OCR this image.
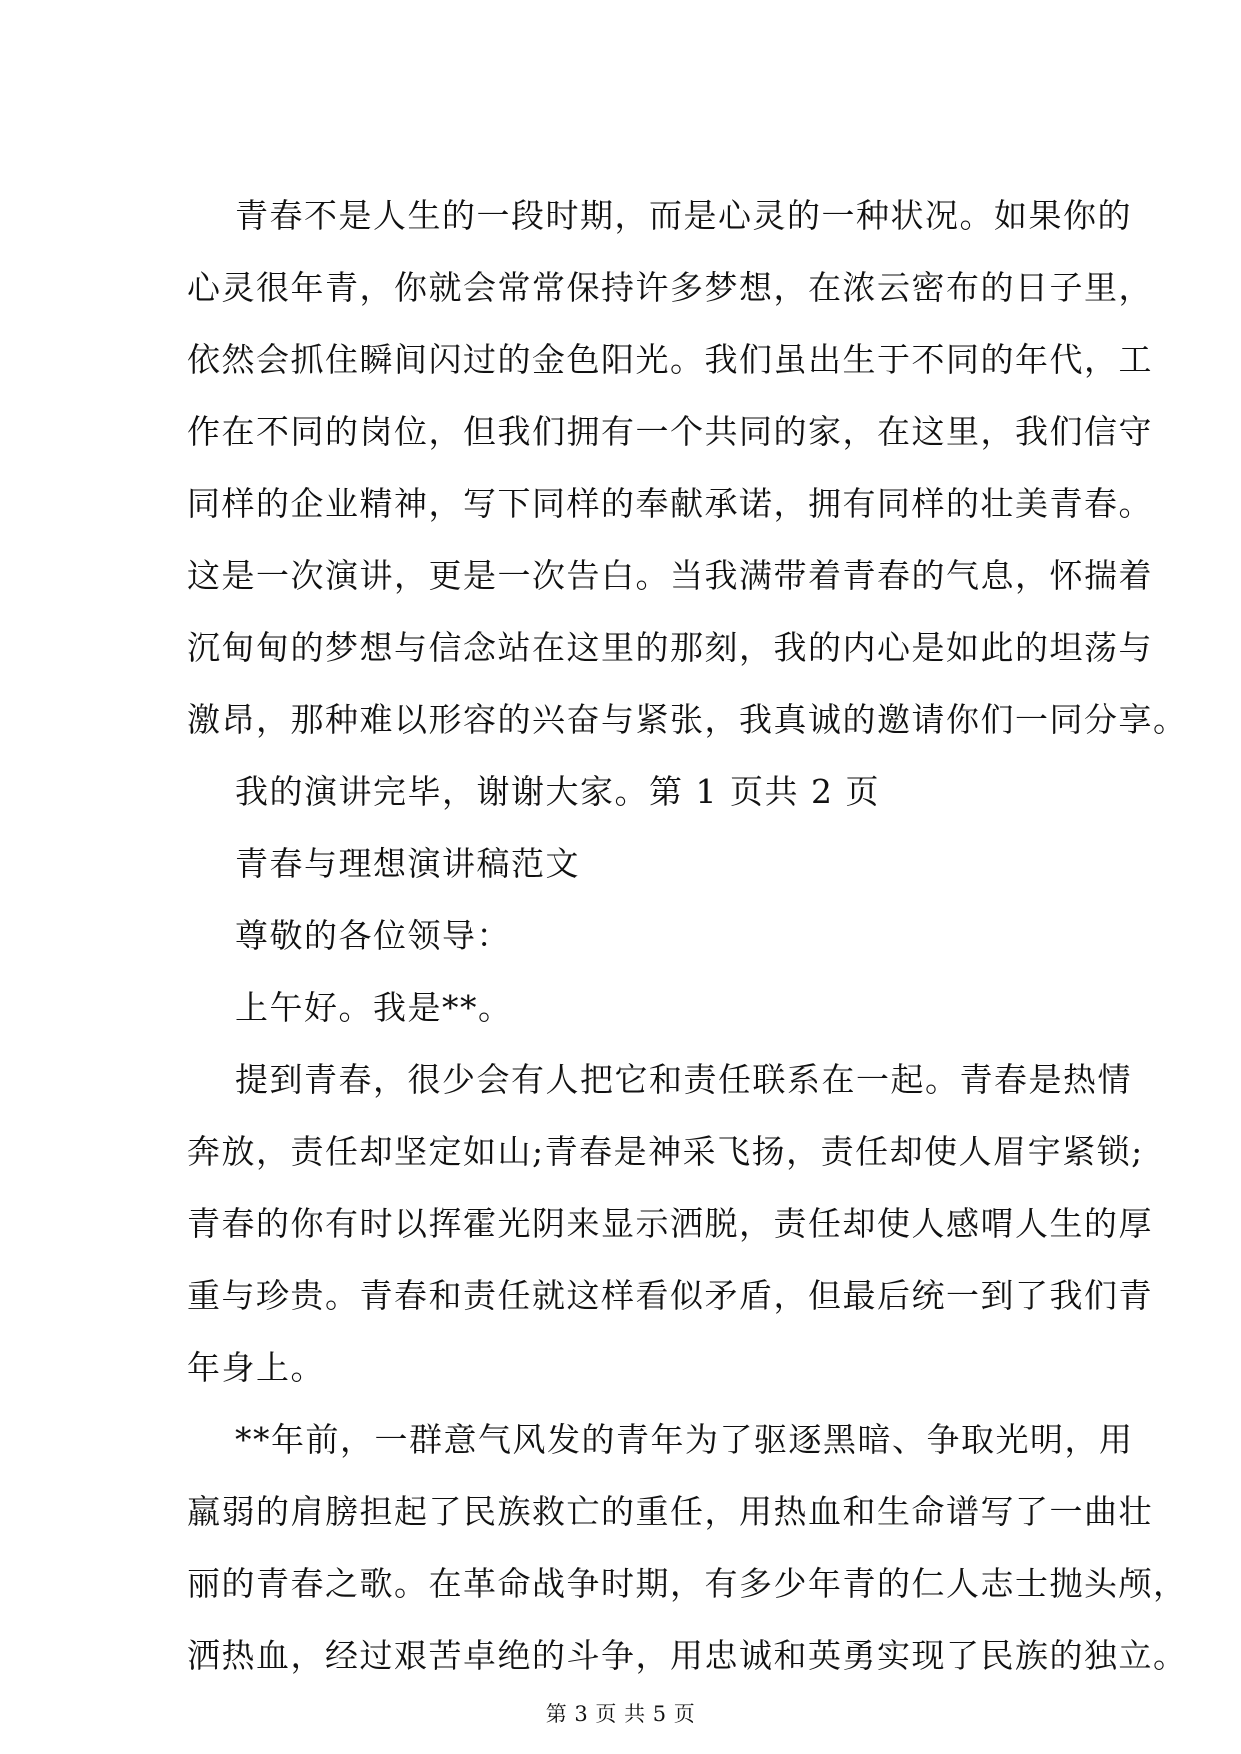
青春不是人生的一段时期，而是心灵的一种状况。如果你的
心灵很年青，你就会常常保持许多梦想，在浓云密布的日子里，
依然会抓住瞬间闪过的金色阳光。我们虽出生于不同的年代，工
作在不同的岗位，但我们拥有一个共同的家，在这里，我们信守
同样的企业精神，写下同样的奉献承诺，拥有同样的壮美青春。
这是一次演讲，更是一次告白。当我满带着青春的气息，怀揣着
沉甸甸的梦想与信念站在这里的那刻，我的内心是如此的坦荡与
激昂，那种难以形容的兴奋与紧张，我真诚的邀请你们一同分享。
我的演讲完毕，谢谢大家。第 1 页共 2 页
青春与理想演讲稿范文
尊敬的各位领导：
上午好。我是**。
提到青春，很少会有人把它和责任联系在一起。青春是热情
奔放，责任却坚定如山;青春是神采飞扬，责任却使人眉宇紧锁;
青春的你有时以挥霍光阴来显示洒脱，责任却使人感喟人生的厚
重与珍贵。青春和责任就这样看似矛盾，但最后统一到了我们青
年身上。
**年前，一群意气风发的青年为了驱逐黑暗、争取光明，用
羸弱的肩膀担起了民族救亡的重任，用热血和生命谱写了一曲壮
丽的青春之歌。在革命战争时期，有多少年青的仁人志士抛头颅，
洒热血，经过艰苦卓绝的斗争，用忠诚和英勇实现了民族的独立。
第 3 页 共 5 页
